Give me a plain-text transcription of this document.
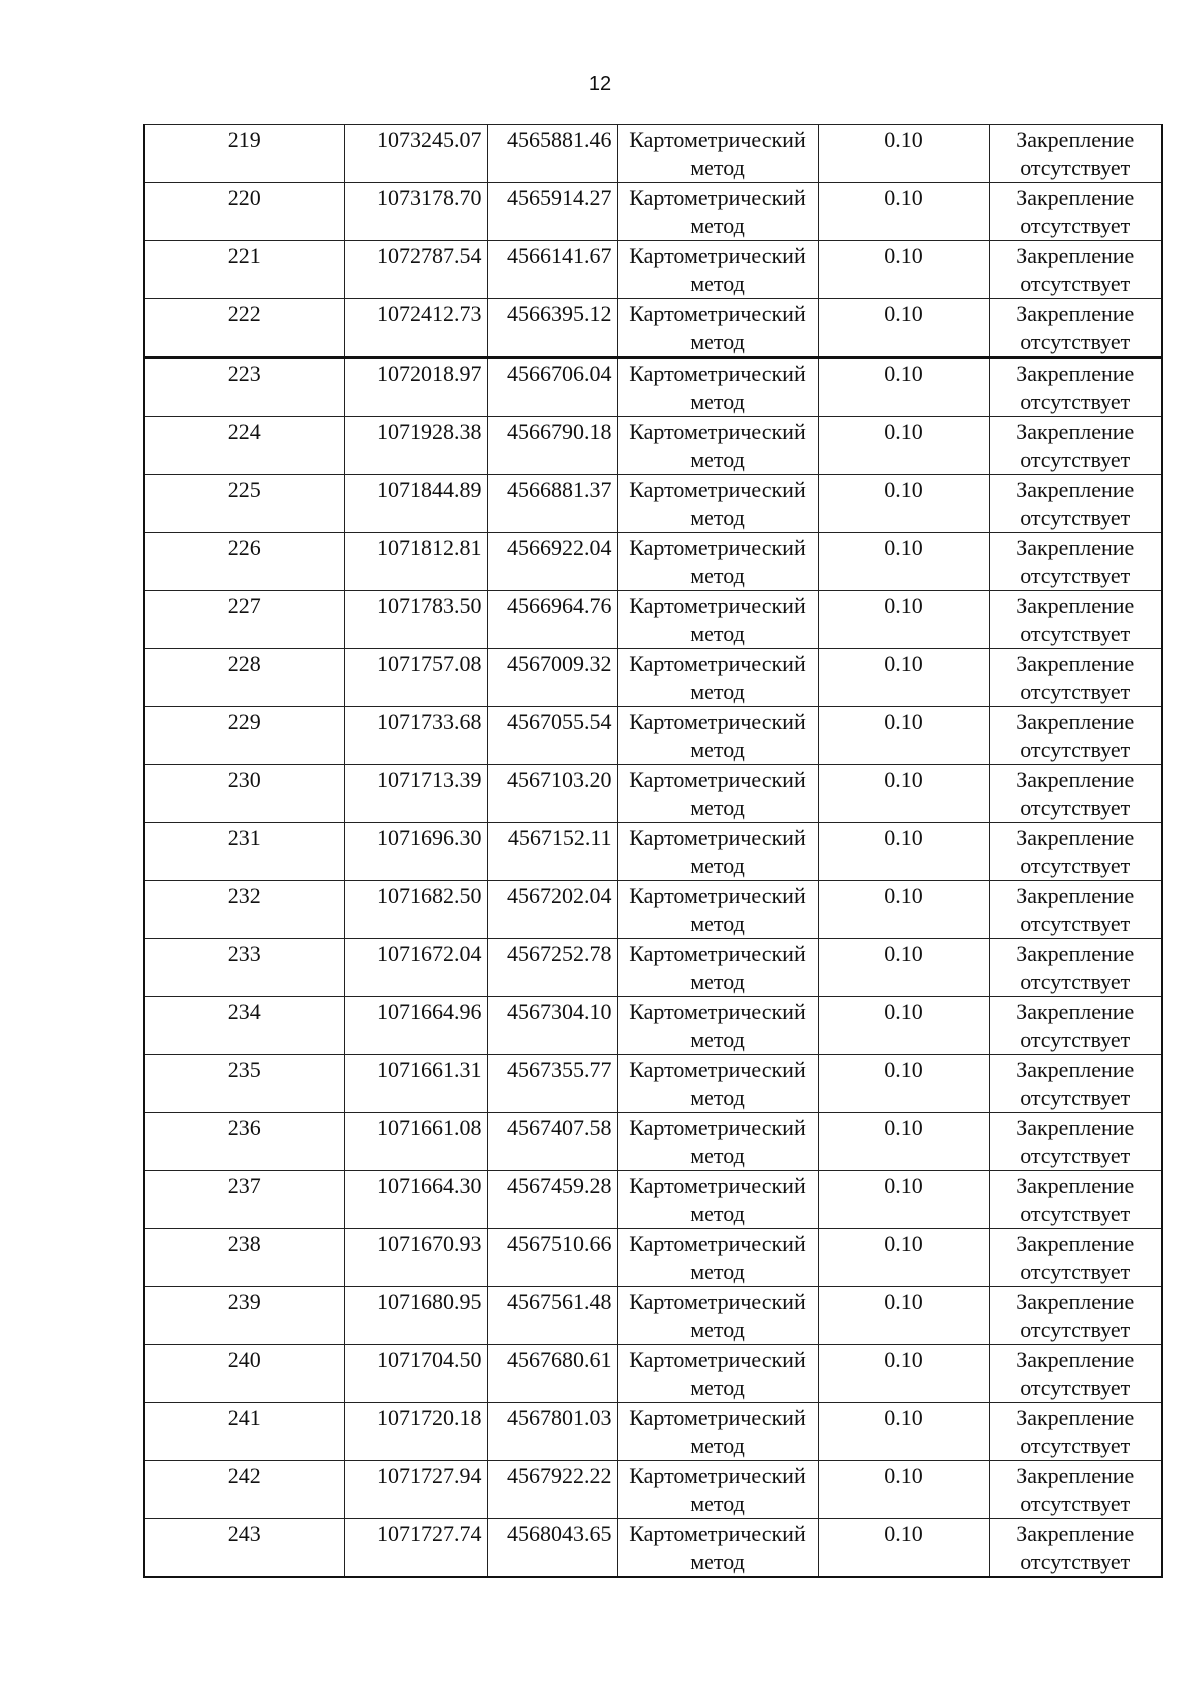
12
219	1073245.07	4565881.46	Картометрический метод	0.10	Закрепление отсутствует

220	1073178.70	4565914.27	Картометрический метод	0.10	Закрепление отсутствует

221	1072787.54	4566141.67	Картометрический метод	0.10	Закрепление отсутствует

222	1072412.73	4566395.12	Картометрический метод	0.10	Закрепление отсутствует

223	1072018.97	4566706.04	Картометрический метод	0.10	Закрепление отсутствует

224	1071928.38	4566790.18	Картометрический метод	0.10	Закрепление отсутствует

225	1071844.89	4566881.37	Картометрический метод	0.10	Закрепление отсутствует

226	1071812.81	4566922.04	Картометрический метод	0.10	Закрепление отсутствует

227	1071783.50	4566964.76	Картометрический метод	0.10	Закрепление отсутствует

228	1071757.08	4567009.32	Картометрический метод	0.10	Закрепление отсутствует

229	1071733.68	4567055.54	Картометрический метод	0.10	Закрепление отсутствует

230	1071713.39	4567103.20	Картометрический метод	0.10	Закрепление отсутствует

231	1071696.30	4567152.11	Картометрический метод	0.10	Закрепление отсутствует

232	1071682.50	4567202.04	Картометрический метод	0.10	Закрепление отсутствует

233	1071672.04	4567252.78	Картометрический метод	0.10	Закрепление отсутствует

234	1071664.96	4567304.10	Картометрический метод	0.10	Закрепление отсутствует

235	1071661.31	4567355.77	Картометрический метод	0.10	Закрепление отсутствует

236	1071661.08	4567407.58	Картометрический метод	0.10	Закрепление отсутствует

237	1071664.30	4567459.28	Картометрический метод	0.10	Закрепление отсутствует

238	1071670.93	4567510.66	Картометрический метод	0.10	Закрепление отсутствует

239	1071680.95	4567561.48	Картометрический метод	0.10	Закрепление отсутствует

240	1071704.50	4567680.61	Картометрический метод	0.10	Закрепление отсутствует

241	1071720.18	4567801.03	Картометрический метод	0.10	Закрепление отсутствует

242	1071727.94	4567922.22	Картометрический метод	0.10	Закрепление отсутствует

243	1071727.74	4568043.65	Картометрический метод	0.10	Закрепление отсутствует
